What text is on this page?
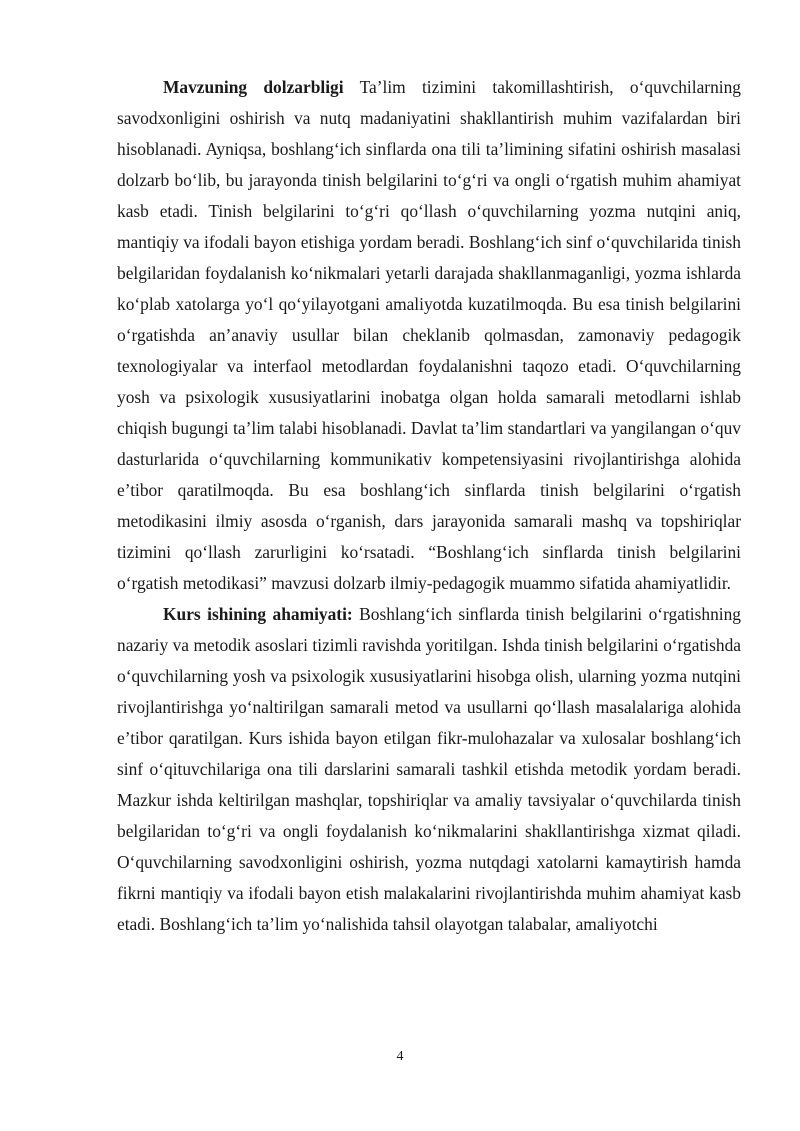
Mavzuning dolzarbligi Ta’lim tizimini takomillashtirish, o‘quvchilarning savodxonligini oshirish va nutq madaniyatini shakllantirish muhim vazifalardan biri hisoblanadi. Ayniqsa, boshlang‘ich sinflarda ona tili ta’limining sifatini oshirish masalasi dolzarb bo‘lib, bu jarayonda tinish belgilarini to‘g‘ri va ongli o‘rgatish muhim ahamiyat kasb etadi. Tinish belgilarini to‘g‘ri qo‘llash o‘quvchilarning yozma nutqini aniq, mantiqiy va ifodali bayon etishiga yordam beradi. Boshlang‘ich sinf o‘quvchilarida tinish belgilaridan foydalanish ko‘nikmalari yetarli darajada shakllanmaganligi, yozma ishlarda ko‘plab xatolarga yo‘l qo‘yilayotgani amaliyotda kuzatilmoqda. Bu esa tinish belgilarini o‘rgatishda an’anaviy usullar bilan cheklanib qolmasdan, zamonaviy pedagogik texnologiyalar va interfaol metodlardan foydalanishni taqozo etadi. O‘quvchilarning yosh va psixologik xususiyatlarini inobatga olgan holda samarali metodlarni ishlab chiqish bugungi ta’lim talabi hisoblanadi. Davlat ta’lim standartlari va yangilangan o‘quv dasturlarida o‘quvchilarning kommunikativ kompetensiyasini rivojlantirishga alohida e’tibor qaratilmoqda. Bu esa boshlang‘ich sinflarda tinish belgilarini o‘rgatish metodikasini ilmiy asosda o‘rganish, dars jarayonida samarali mashq va topshiriqlar tizimini qo‘llash zarurligini ko‘rsatadi. “Boshlang‘ich sinflarda tinish belgilarini o‘rgatish metodikasi” mavzusi dolzarb ilmiy-pedagogik muammo sifatida ahamiyatlidir.

Kurs ishining ahamiyati: Boshlang‘ich sinflarda tinish belgilarini o‘rgatishning nazariy va metodik asoslari tizimli ravishda yoritilgan. Ishda tinish belgilarini o‘rgatishda o‘quvchilarning yosh va psixologik xususiyatlarini hisobga olish, ularning yozma nutqini rivojlantirishga yo‘naltirilgan samarali metod va usullarni qo‘llash masalalariga alohida e’tibor qaratilgan. Kurs ishida bayon etilgan fikr-mulohazalar va xulosalar boshlang‘ich sinf o‘qituvchilariga ona tili darslarini samarali tashkil etishda metodik yordam beradi. Mazkur ishda keltirilgan mashqlar, topshiriqlar va amaliy tavsiyalar o‘quvchilarda tinish belgilaridan to‘g‘ri va ongli foydalanish ko‘nikmalarini shakllantirishga xizmat qiladi. O‘quvchilarning savodxonligini oshirish, yozma nutqdagi xatolarni kamaytirish hamda fikrni mantiqiy va ifodali bayon etish malakalarini rivojlantirishda muhim ahamiyat kasb etadi. Boshlang‘ich ta’lim yo‘nalishida tahsil olayotgan talabalar, amaliyotchi

4
